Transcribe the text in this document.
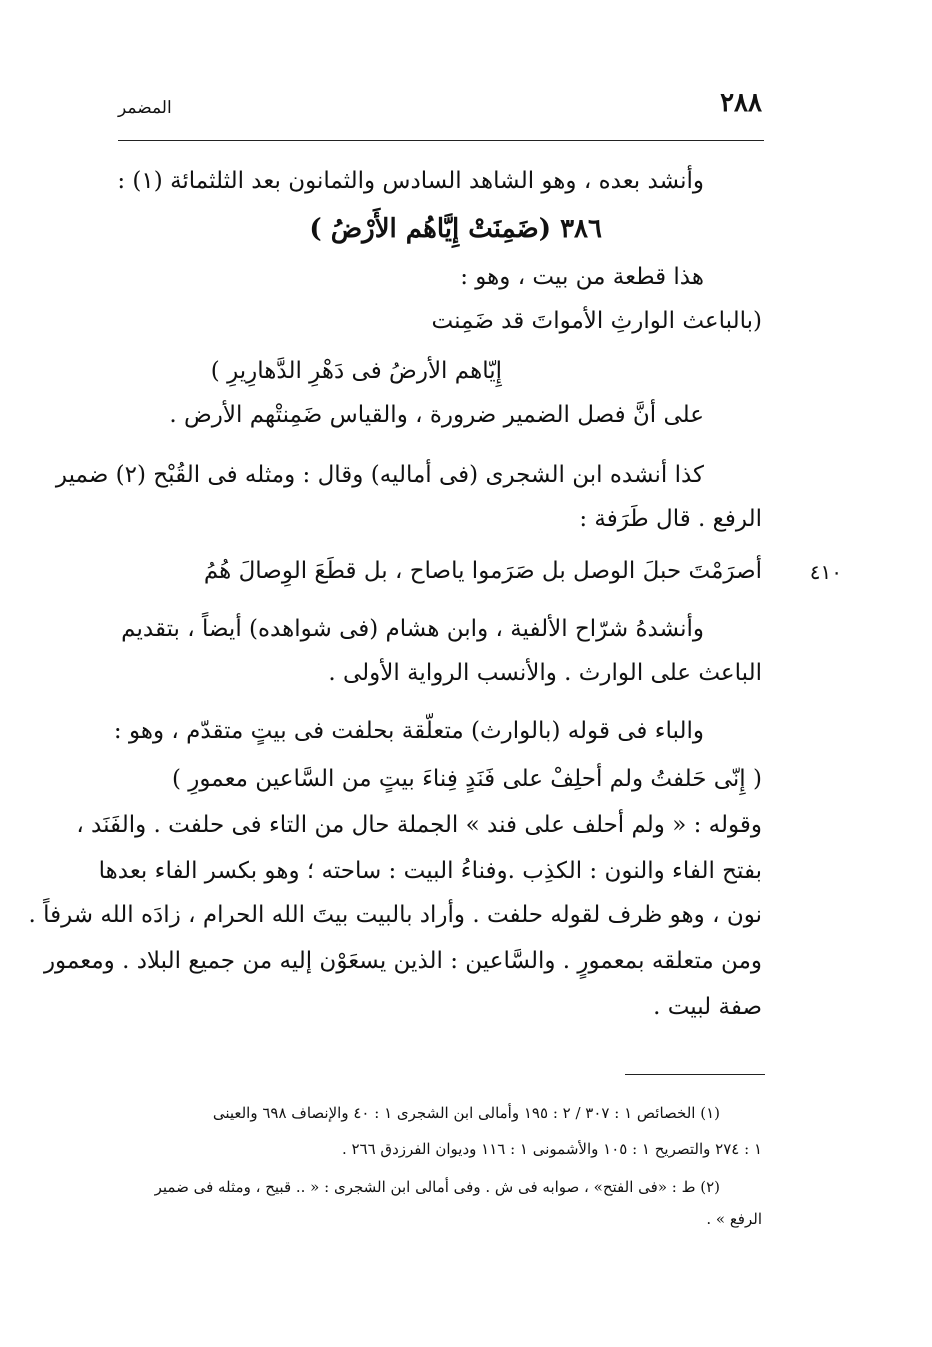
٢٨٨
المضمر
وأنشد بعده ، وهو الشاهد السادس والثمانون بعد الثلثمائة (١) :
٣٨٦ (ضَمِنَتْ إِيَّاهُم الأَرْضُ )
هذا قطعة من بيت ، وهو :
(بالباعث الوارثِ الأمواتَ قد ضَمِنت
إِيّاهم الأرضُ فى دَهْرِ الدَّهارِيرِ )
على أنَّ فصل الضمير ضرورة ، والقياس ضَمِنتْهم الأرض .
كذا أنشده ابن الشجرى (فى أماليه) وقال : ومثله فى القُبْح (٢) ضمير
الرفع . قال طَرَفة :
٤١٠
أصرَمْتَ حبلَ الوصل بل صَرَموا ياصاح ، بل قطَعَ الوِصالَ هُمُ
وأنشدهُ شرّاح الألفية ، وابن هشام (فى شواهده) أيضاً ، بتقديم
الباعث على الوارث . والأنسب الرواية الأولى .
والباء فى قوله (بالوارث) متعلّقة بحلفت فى بيتٍ متقدّم ، وهو :
( إِنّى حَلفتُ ولم أحلِفْ على فَنَدٍ فِناءَ بيتٍ من السَّاعين معمورِ )
وقوله : « ولم أحلف على فند » الجملة حال من التاء فى حلفت . والفَنَد ،
بفتح الفاء والنون : الكذِب .وفناءُ البيت : ساحته ؛ وهو بكسر الفاء بعدها
نون ، وهو ظرف لقوله حلفت . وأراد بالبيت بيتَ الله الحرام ، زادَه الله شرفاً .
ومن متعلقه بمعمورٍ . والسَّاعين : الذين يسعَوْن إليه من جميع البلاد . ومعمور
صفة لبيت .
(١) الخصائص ١ : ٣٠٧ / ٢ : ١٩٥ وأمالى ابن الشجرى ١ : ٤٠ والإنصاف ٦٩٨ والعينى
١ : ٢٧٤ والتصريح ١ : ١٠٥ والأشمونى ١ : ١١٦ وديوان الفرزدق ٢٦٦ .
(٢) ط : «فى الفتح» ، صوابه فى ش . وفى أمالى ابن الشجرى : « .. قبيح ، ومثله فى ضمير
الرفع » .
